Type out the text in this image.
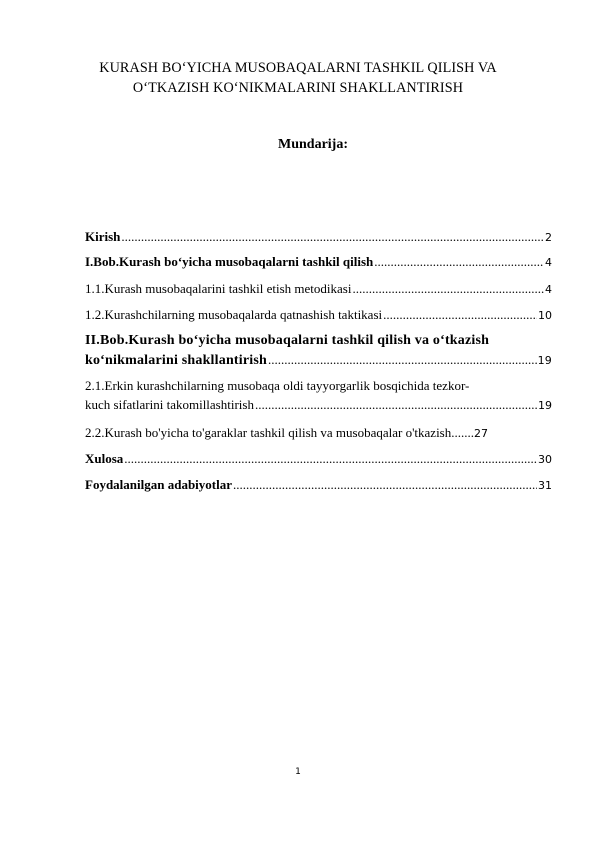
KURASH BO‘YICHA MUSOBAQALARNI TASHKIL QILISH VA O‘TKAZISH KO‘NIKMALARINI SHAKLLANTIRISH
Mundarija:
Kirish .....	2
I.Bob.Kurash bo‘yicha musobaqalarni tashkil qilish .....	4
1.1.Kurash musobaqalarini tashkil etish metodikasi .....	4
1.2.Kurashchilarning musobaqalarda qatnashish taktikasi .....	10
II.Bob.Kurash bo‘yicha musobaqalarni tashkil qilish va o‘tkazish
ko‘nikmalarini shakllantirish .....	19
2.1.Erkin kurashchilarning musobaqa oldi tayyorgarlik bosqichida tezkor-
kuch sifatlarini takomillashtirish .....	19
2.2.Kurash bo'yicha to'garaklar tashkil qilish va musobaqalar o'tkazish ....... 27
Xulosa .....	30
Foydalanilgan adabiyotlar .....	31
1
